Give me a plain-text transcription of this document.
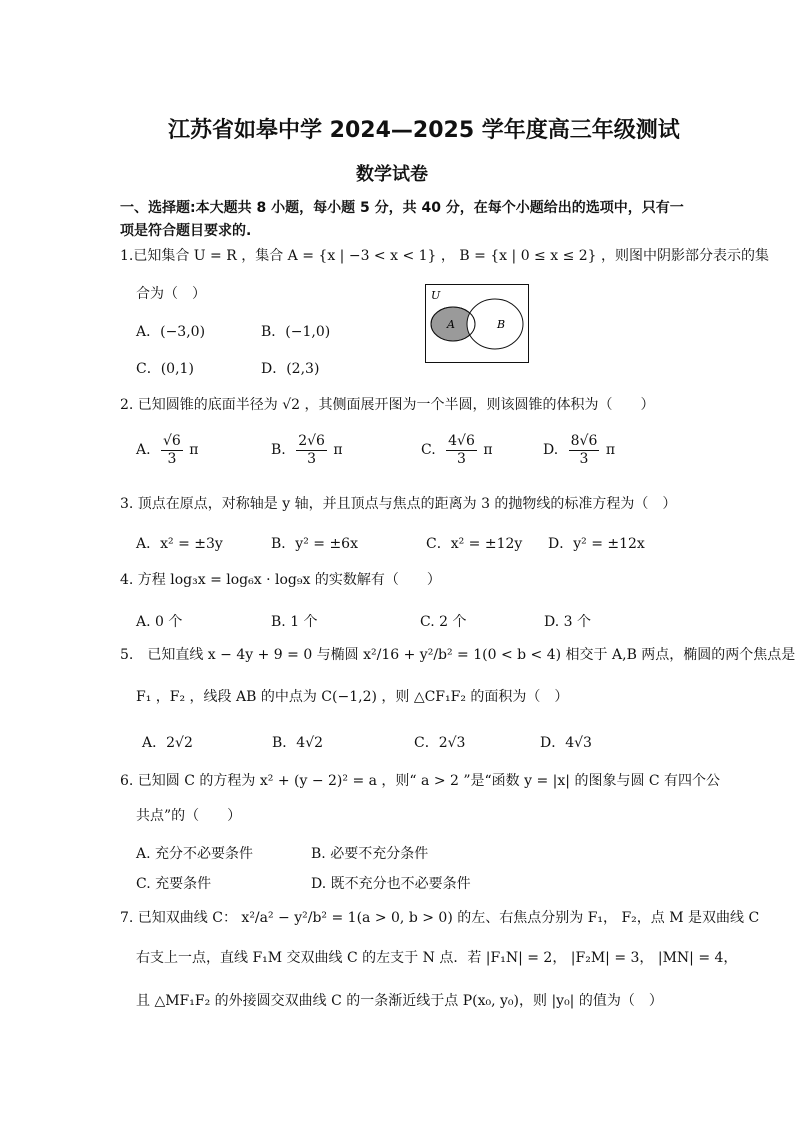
江苏省如皋中学 2024—2025 学年度高三年级测试
数学试卷
一、选择题:本大题共 8 小题，每小题 5 分，共 40 分，在每个小题给出的选项中，只有一
项是符合题目要求的.
1.已知集合 U = R ，集合 A = {x | −3 < x < 1} ， B = {x | 0 ≤ x ≤ 2} ，则图中阴影部分表示的集
合为（　）
A．(−3,0)	B．(−1,0)
C．(0,1)	D．(2,3)
U
A	B
2. 已知圆锥的底面半径为 √2 ，其侧面展开图为一个半圆，则该圆锥的体积为（　　）
A. $\frac{√6}{3}$ π	B. $\frac{2√6}{3}$ π	C. $\frac{4√6}{3}$ π	D. $\frac{8√6}{3}$ π
3. 顶点在原点，对称轴是 y 轴，并且顶点与焦点的距离为 3 的抛物线的标准方程为（　）
A．x² = ±3y	B．y² = ±6x	C．x² = ±12y D．y² = ±12x
4. 方程 log₃x = log₆x · log₉x 的实数解有（　　）
A. 0 个	B. 1 个	C. 2 个	D. 3 个
5.　已知直线 x − 4y + 9 = 0 与椭圆 x²/16 + y²/b² = 1(0 < b < 4) 相交于 A,B 两点，椭圆的两个焦点是
F₁ ，F₂ ，线段 AB 的中点为 C(−1,2) ，则 △CF₁F₂ 的面积为（　）
A．2√2	B．4√2	C．2√3	D．4√3
6. 已知圆 C 的方程为 x² + (y − 2)² = a ，则“ a > 2 ”是“函数 y = |x| 的图象与圆 C 有四个公
共点”的（　　）
A. 充分不必要条件	B. 必要不充分条件
C. 充要条件	D. 既不充分也不必要条件
7. 已知双曲线 C： x²/a² − y²/b² = 1(a > 0, b > 0) 的左、右焦点分别为 F₁， F₂，点 M 是双曲线 C
右支上一点，直线 F₁M 交双曲线 C 的左支于 N 点．若 |F₁N| = 2， |F₂M| = 3， |MN| = 4，
且 △MF₁F₂ 的外接圆交双曲线 C 的一条渐近线于点 P(x₀, y₀)，则 |y₀| 的值为（　）
